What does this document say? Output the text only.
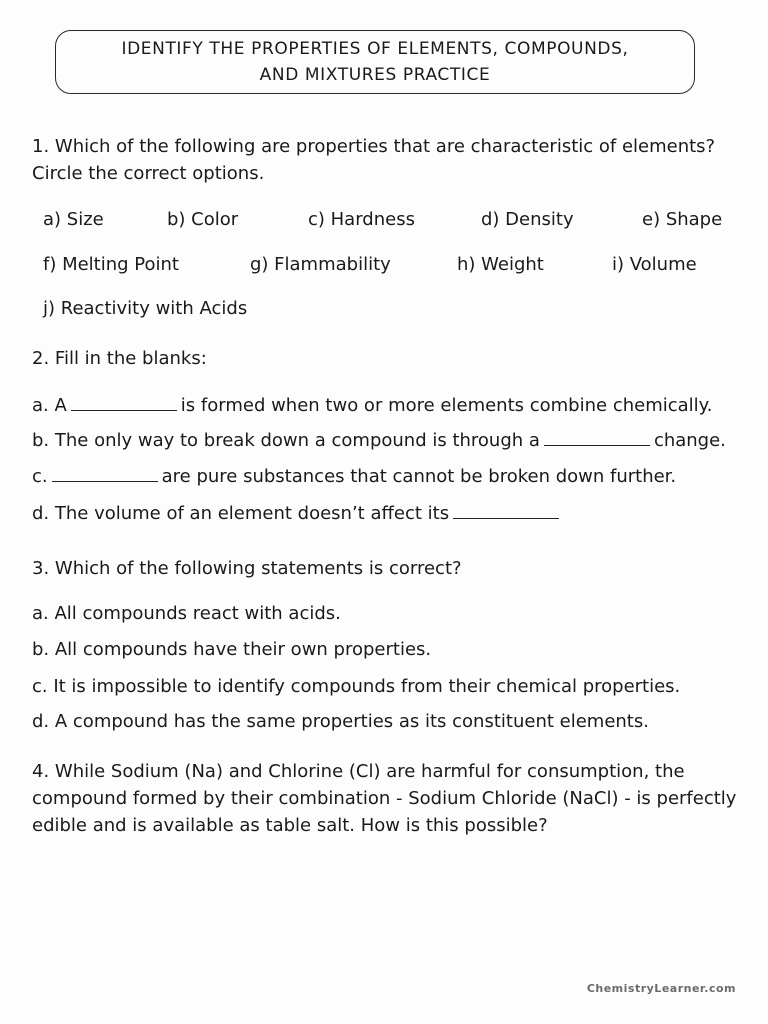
IDENTIFY THE PROPERTIES OF ELEMENTS, COMPOUNDS,
AND MIXTURES PRACTICE
1. Which of the following are properties that are characteristic of elements?
Circle the correct options.
a) Size	b) Color	c) Hardness	d) Density	e) Shape
f) Melting Point	g) Flammability	h) Weight	i) Volume
j) Reactivity with Acids
2. Fill in the blanks:
a. A	is formed when two or more elements combine chemically.
b. The only way to break down a compound is through a	change.
c.	are pure substances that cannot be broken down further.
d. The volume of an element doesn’t affect its
3. Which of the following statements is correct?
a. All compounds react with acids.
b. All compounds have their own properties.
c. It is impossible to identify compounds from their chemical properties.
d. A compound has the same properties as its constituent elements.
4. While Sodium (Na) and Chlorine (Cl) are harmful for consumption, the
compound formed by their combination - Sodium Chloride (NaCl) - is perfectly
edible and is available as table salt. How is this possible?
ChemistryLearner.com
